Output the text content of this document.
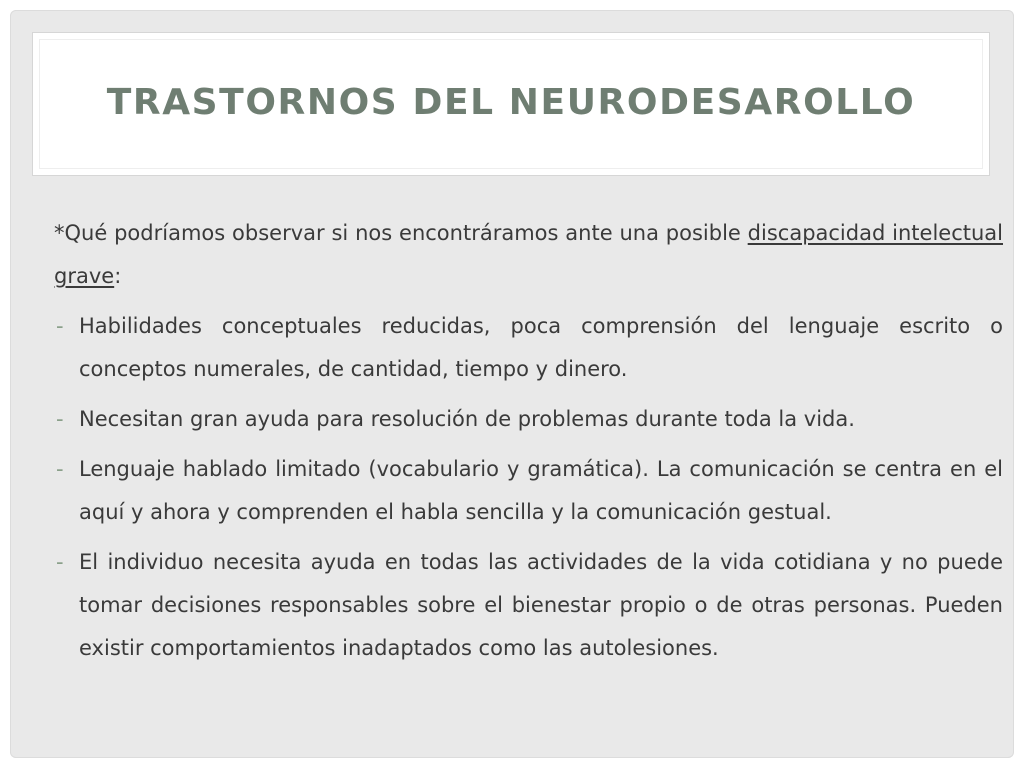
TRASTORNOS DEL NEURODESAROLLO

*Qué podríamos observar si nos encontráramos ante una posible discapacidad intelectual grave:

- Habilidades conceptuales reducidas, poca comprensión del lenguaje escrito o conceptos numerales, de cantidad, tiempo y dinero.
- Necesitan gran ayuda para resolución de problemas durante toda la vida.
- Lenguaje hablado limitado (vocabulario y gramática). La comunicación se centra en el aquí y ahora y comprenden el habla sencilla y la comunicación gestual.
- El individuo necesita ayuda en todas las actividades de la vida cotidiana y no puede tomar decisiones responsables sobre el bienestar propio o de otras personas. Pueden existir comportamientos inadaptados como las autolesiones.
